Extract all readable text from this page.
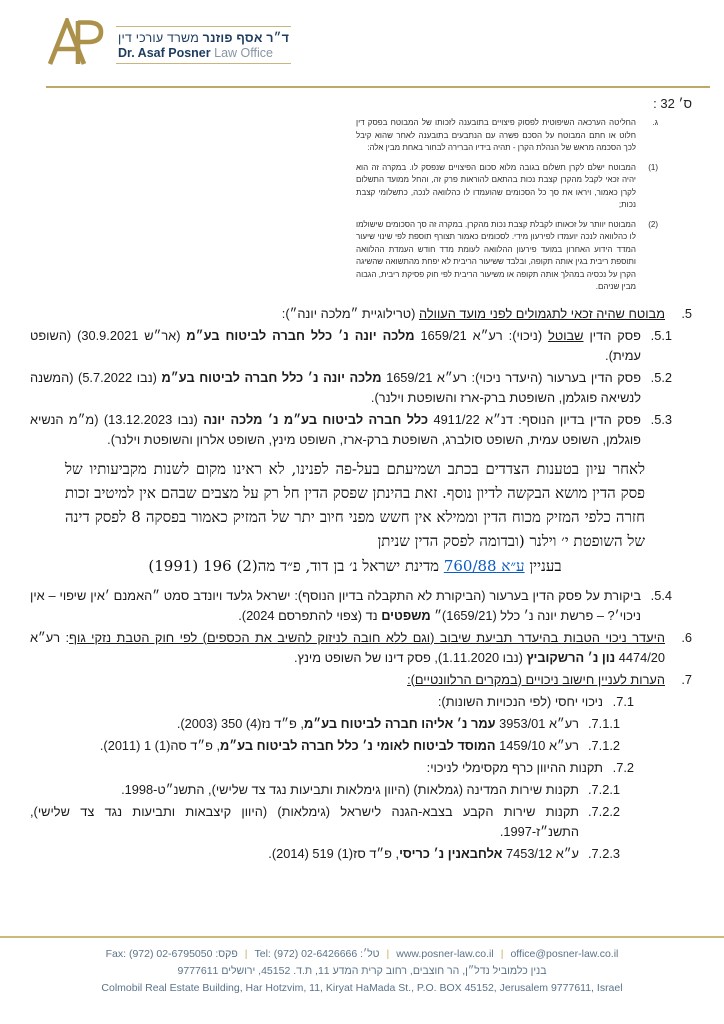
ד״ר אסף פוזנר משרד עורכי דין
Dr. Asaf Posner Law Office
ס׳ 32 :
ג.
החליטה הערכאה השיפוטית לפסוק פיצויים בתובענה לזכותו של המבוטח בפסק דין חלוט או חתם המבוטח על הסכם פשרה עם הנתבעים בתובענה לאחר שהוא קיבל לכך הסכמה מראש של הנהלת הקרן - תהיה בידיו הברירה לבחור באחת מבין אלה:
(1)
המבוטח ישלם לקרן תשלום בגובה מלוא סכום הפיצויים שנפסק לו. במקרה זה הוא יהיה זכאי לקבל מהקרן קצבת נכות בהתאם להוראות פרק זה, והחל ממועד התשלום לקרן כאמור, ויראו את סך כל הסכומים שהועמדו לו כהלוואה לנכה, כתשלומי קצבת נכות;
(2)
המבוטח יוותר על זכאותו לקבלת קצבת נכות מהקרן. במקרה זה סך הסכומים שישולמו לו כהלוואה לנכה יועמדו לפירעון מידי. לסכומים כאמור תצורף תוספת לפי שינוי שיעור המדד הידוע האחרון במועד פירעון ההלוואה לעומת מדד חודש העמדת ההלוואה ותוספת ריבית בגין אותה תקופה, ובלבד ששיעור הריבית לא יפחת מהתשואה שהשיגה הקרן על נכסיה במהלך אותה תקופה או משיעור הריבית לפי חוק פסיקת ריבית, הגבוה מבין שניהם.
5.
מבוטח שהיה זכאי לתגמולים לפני מועד העוולה (טרילוגיית ״מלכה יונה״):
5.1.
פסק הדין שבוטל (ניכוי): רע״א 1659/21 מלכה יונה נ׳ כלל חברה לביטוח בע״מ (אר״ש 30.9.2021) (השופט עמית).
5.2.
פסק הדין בערעור (היעדר ניכוי): רע״א 1659/21 מלכה יונה נ׳ כלל חברה לביטוח בע״מ (נבו 5.7.2022) (המשנה לנשיאה פוגלמן, השופטת ברק-ארז והשופטת וילנר).
5.3.
פסק הדין בדיון הנוסף: דנ״א 4911/22 כלל חברה לביטוח בע״מ נ׳ מלכה יונה (נבו 13.12.2023) (מ״מ הנשיא פוגלמן, השופט עמית, השופט סולברג, השופטת ברק-ארז, השופט מינץ, השופט אלרון והשופטת וילנר).
לאחר עיון בטענות הצדדים בכתב ושמיעתם בעל-פה לפנינו, לא ראינו מקום לשנות מקביעותיו של פסק הדין מושא הבקשה לדיון נוסף. זאת בהינתן שפסק הדין חל רק על מצבים שבהם אין למיטיב זכות חזרה כלפי המזיק מכוח הדין וממילא אין חשש מפני חיוב יתר של המזיק כאמור בפסקה 8 לפסק דינה של השופטת י׳ וילנר (ובדומה לפסק הדין שניתן
בעניין ע״א 760/88 מדינת ישראל נ׳ בן דוד, פ״ד מה(2) 196 (1991)
5.4.
ביקורת על פסק הדין בערעור (הביקורת לא התקבלה בדיון הנוסף): ישראל גלעד ויונדב סמט ״האמנם ׳אין שיפוי – אין ניכוי׳? – פרשת יונה נ׳ כלל (1659/21)״ משפטים נד (צפוי להתפרסם 2024).
6.
היעדר ניכוי הטבות בהיעדר תביעת שיבוב (וגם ללא חובה לניזוק להשיב את הכספים) לפי חוק הטבת נזקי גוף: רע״א 4474/20 נון נ׳ הרשקוביץ (נבו 1.11.2020), פסק דינו של השופט מינץ.
7.
הערות לעניין חישוב ניכויים (במקרים הרלוונטיים):
7.1.
ניכוי יחסי (לפי הנכויות השונות):
7.1.1.
רע״א 3953/01 עמר נ׳ אליהו חברה לביטוח בע״מ, פ״ד נז(4) 350 (2003).
7.1.2.
רע״א 1459/10 המוסד לביטוח לאומי נ׳ כלל חברה לביטוח בע״מ, פ״ד סה(1) 1 (2011).
7.2.
תקנות ההיוון כרף מקסימלי לניכוי:
7.2.1.
תקנות שירות המדינה (גמלאות) (היוון גימלאות ותביעות נגד צד שלישי), התשנ״ט-1998.
7.2.2.
תקנות שירות הקבע בצבא-הגנה לישראל (גימלאות) (היוון קיצבאות ותביעות נגד צד שלישי), התשנ״ז-1997.
7.2.3.
ע״א 7453/12 אלחבאנין נ׳ כריסי, פ״ד סז(1) 519 (2014).
Fax: (972) 02-6795050 :פקס | Tel: (972) 02-6426666 :טל׳ | www.posner-law.co.il | office@posner-law.co.il
בנין כלמוביל נדל״ן, הר חוצבים, רחוב קרית המדע 11, ת.ד. 45152, ירושלים 9777611
Colmobil Real Estate Building, Har Hotzvim, 11, Kiryat HaMada St., P.O. BOX 45152, Jerusalem 9777611, Israel
